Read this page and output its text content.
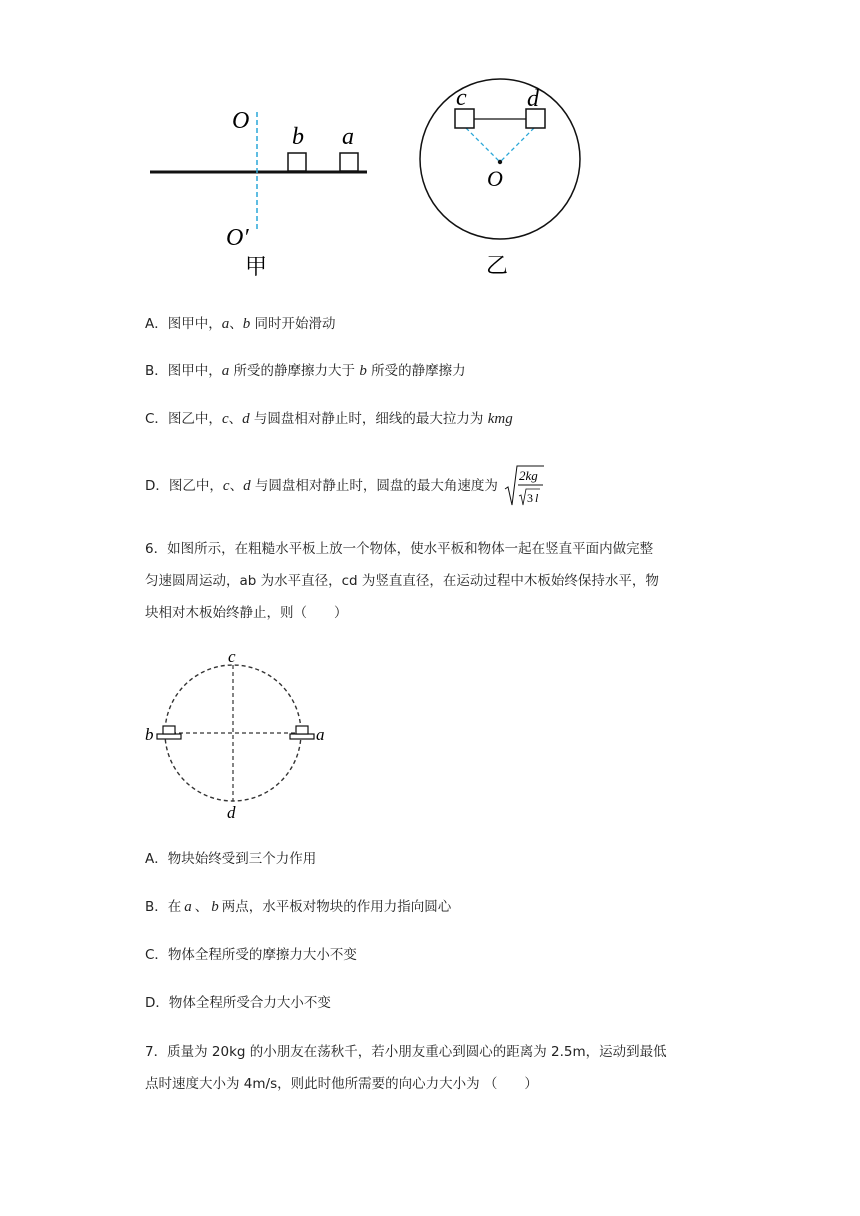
O
O′
b a
甲
c	d
O
乙
A．图甲中，a、b 同时开始滑动
B．图甲中，a 所受的静摩擦力大于 b 所受的静摩擦力
C．图乙中，c、d 与圆盘相对静止时，细线的最大拉力为 kmg
D．图乙中，c、d 与圆盘相对静止时，圆盘的最大角速度为
2kg
3 l
6．如图所示，在粗糙水平板上放一个物体，使水平板和物体一起在竖直平面内做完整
匀速圆周运动，ab 为水平直径，cd 为竖直直径，在运动过程中木板始终保持水平，物
块相对木板始终静止，则（　　）
c
d
b	a
A．物块始终受到三个力作用
B．在 a 、 b 两点，水平板对物块的作用力指向圆心
C．物体全程所受的摩擦力大小不变
D．物体全程所受合力大小不变
7．质量为 20kg 的小朋友在荡秋千，若小朋友重心到圆心的距离为 2.5m，运动到最低
点时速度大小为 4m/s，则此时他所需要的向心力大小为 （　　）
